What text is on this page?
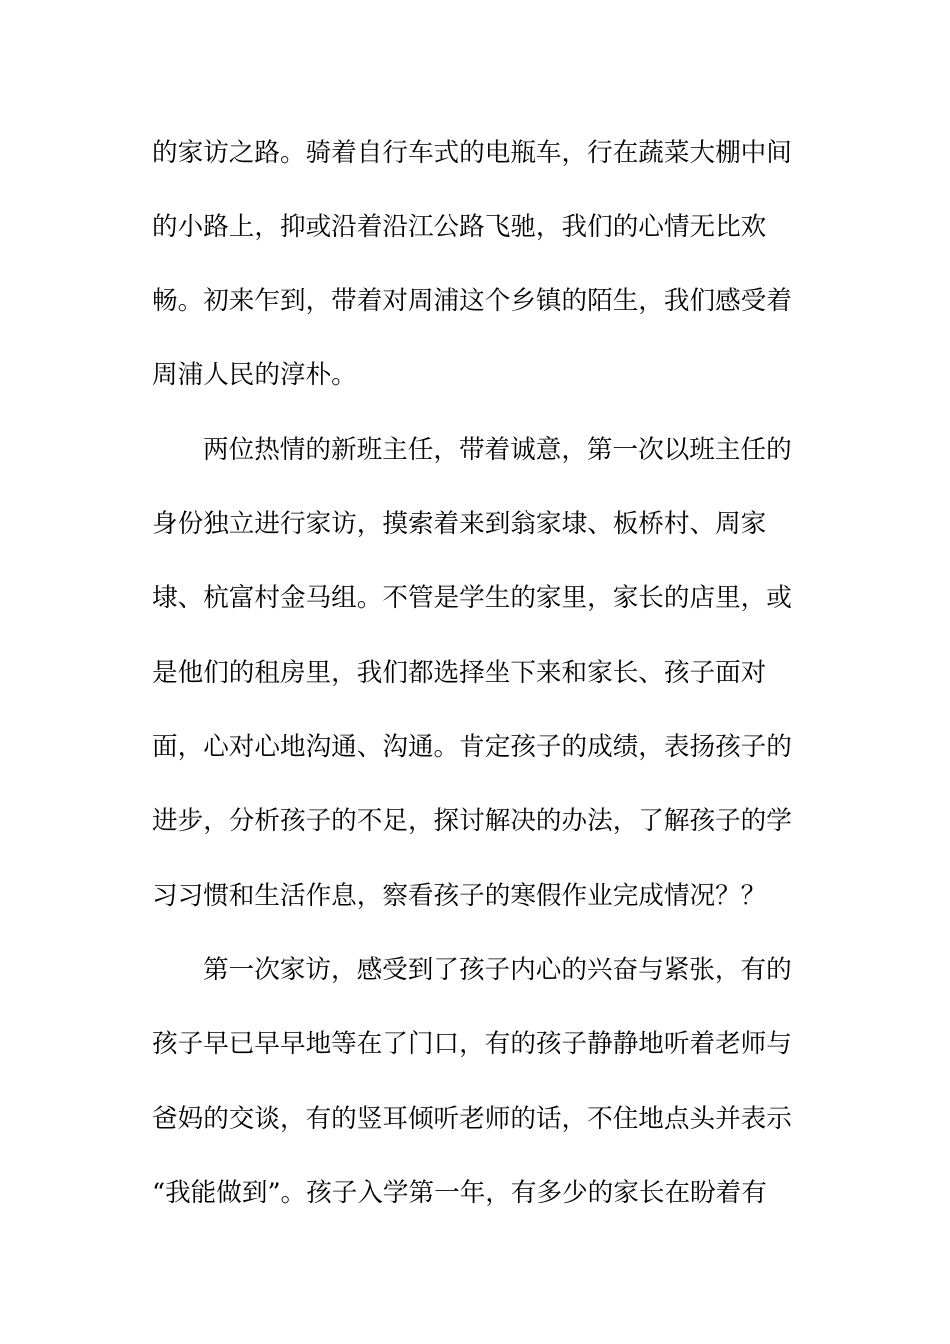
的家访之路。骑着自行车式的电瓶车，行在蔬菜大棚中间
的小路上，抑或沿着沿江公路飞驰，我们的心情无比欢
畅。初来乍到，带着对周浦这个乡镇的陌生，我们感受着
周浦人民的淳朴。
两位热情的新班主任，带着诚意，第一次以班主任的
身份独立进行家访，摸索着来到翁家埭、板桥村、周家
埭、杭富村金马组。不管是学生的家里，家长的店里，或
是他们的租房里，我们都选择坐下来和家长、孩子面对
面，心对心地沟通、沟通。肯定孩子的成绩，表扬孩子的
进步，分析孩子的不足，探讨解决的办法，了解孩子的学
习习惯和生活作息，察看孩子的寒假作业完成情况？？
第一次家访，感受到了孩子内心的兴奋与紧张，有的
孩子早已早早地等在了门口，有的孩子静静地听着老师与
爸妈的交谈，有的竖耳倾听老师的话，不住地点头并表示
“我能做到”。孩子入学第一年，有多少的家长在盼着有
